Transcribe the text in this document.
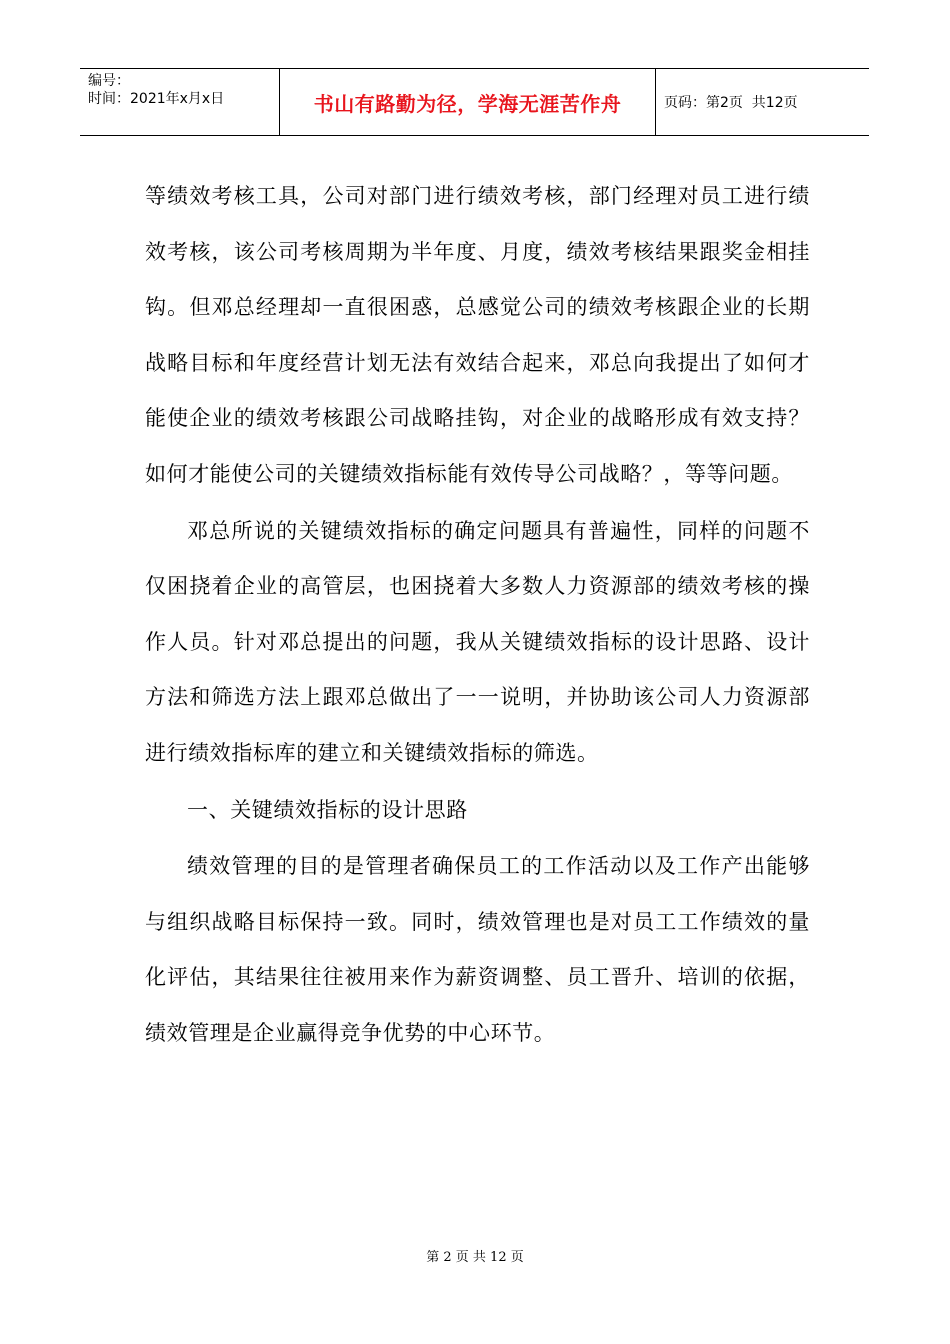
编号：
时间：2021年x月x日	书山有路勤为径，学海无涯苦作舟	页码：第2页  共12页

等绩效考核工具，公司对部门进行绩效考核，部门经理对员工进行绩效考核，该公司考核周期为半年度、月度，绩效考核结果跟奖金相挂钩。但邓总经理却一直很困惑，总感觉公司的绩效考核跟企业的长期战略目标和年度经营计划无法有效结合起来，邓总向我提出了如何才能使企业的绩效考核跟公司战略挂钩，对企业的战略形成有效支持？如何才能使公司的关键绩效指标能有效传导公司战略？，等等问题。

邓总所说的关键绩效指标的确定问题具有普遍性，同样的问题不仅困挠着企业的高管层，也困挠着大多数人力资源部的绩效考核的操作人员。针对邓总提出的问题，我从关键绩效指标的设计思路、设计方法和筛选方法上跟邓总做出了一一说明，并协助该公司人力资源部进行绩效指标库的建立和关键绩效指标的筛选。

一、关键绩效指标的设计思路

绩效管理的目的是管理者确保员工的工作活动以及工作产出能够与组织战略目标保持一致。同时，绩效管理也是对员工工作绩效的量化评估，其结果往往被用来作为薪资调整、员工晋升、培训的依据，绩效管理是企业赢得竞争优势的中心环节。

第 2 页 共 12 页
